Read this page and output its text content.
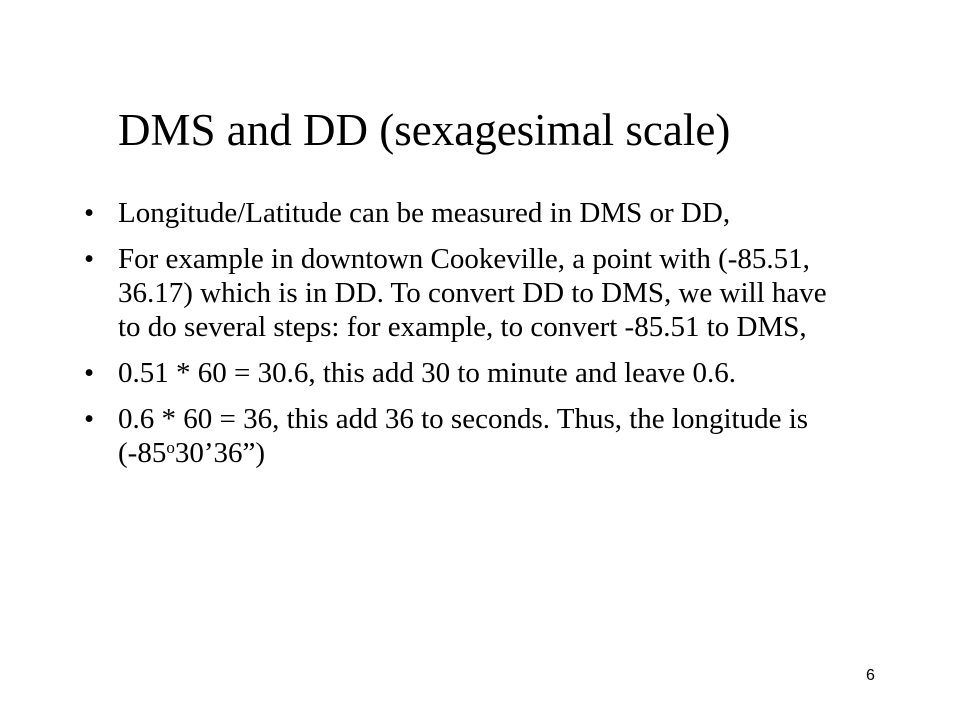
DMS and DD (sexagesimal scale)
• Longitude/Latitude can be measured in DMS or DD,
• For example in downtown Cookeville, a point with (-85.51, 36.17) which is in DD. To convert DD to DMS, we will have to do several steps: for example, to convert -85.51 to DMS,
• 0.51 * 60 = 30.6, this add 30 to minute and leave 0.6.
• 0.6 * 60 = 36, this add 36 to seconds. Thus, the longitude is (-85$^o$30’36”)
6
